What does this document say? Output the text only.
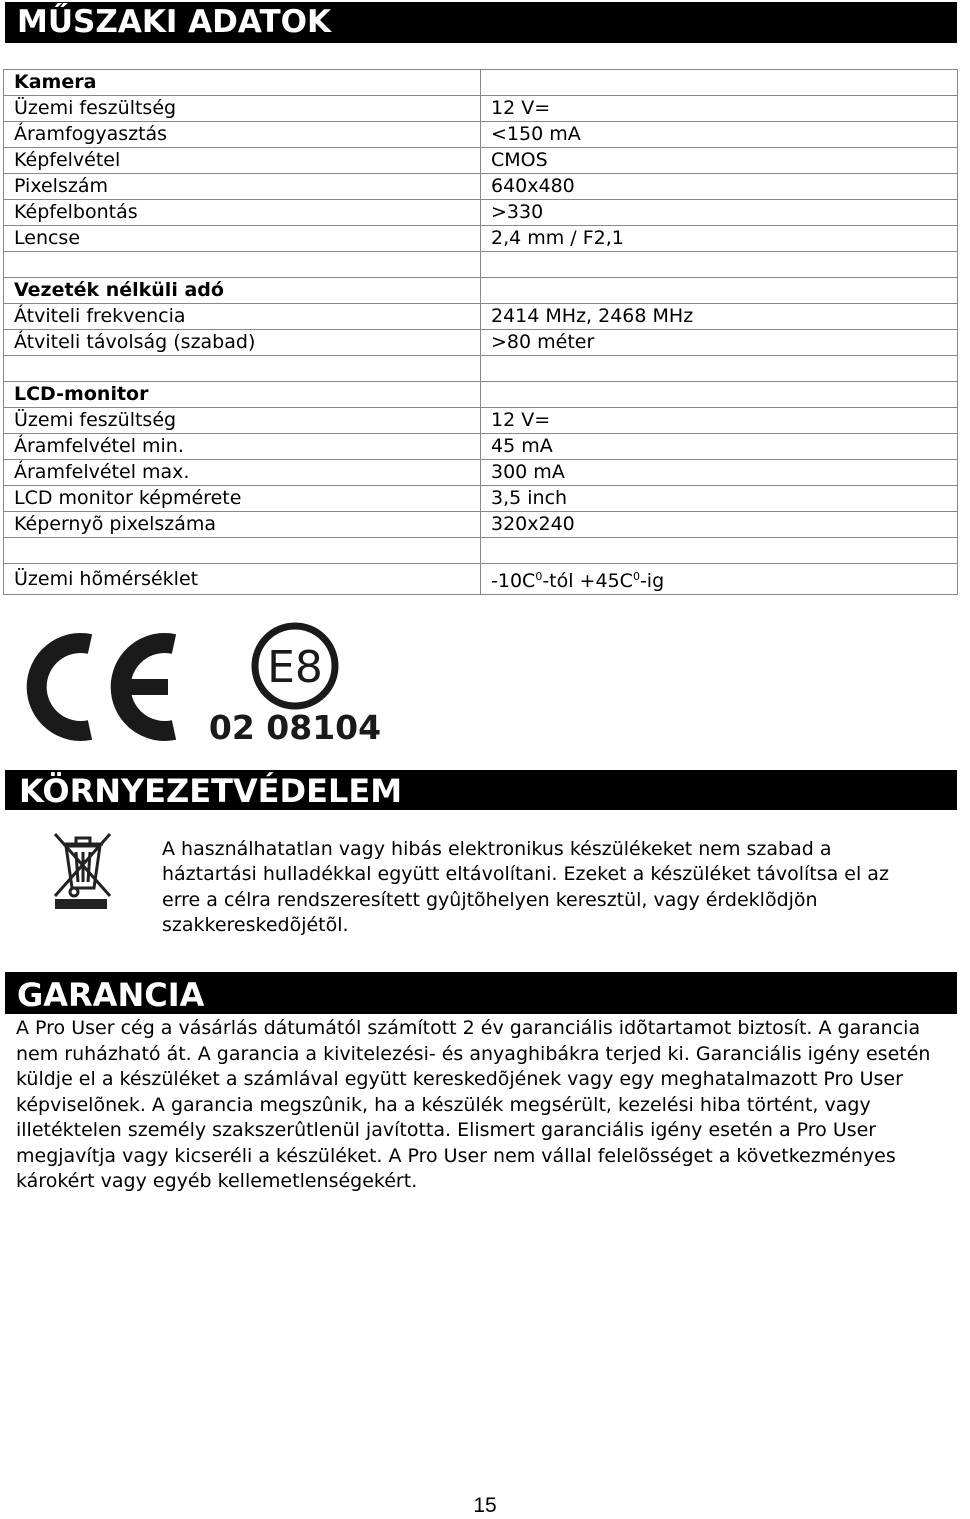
MŰSZAKI ADATOK
Kamera	
Üzemi feszültség	12 V=
Áramfogyasztás	<150 mA
Képfelvétel	CMOS
Pixelszám	640x480
Képfelbontás	>330
Lencse	2,4 mm / F2,1

Vezeték nélküli adó	
Átviteli frekvencia	2414 MHz, 2468 MHz
Átviteli távolság (szabad)	>80 méter

LCD-monitor	
Üzemi feszültség	12 V=
Áramfelvétel min.	45 mA
Áramfelvétel max.	300 mA
LCD monitor képmérete	3,5 inch
Képernyõ pixelszáma	320x240

Üzemi hõmérséklet	$-10C^0$-tól $+45C^0-ig$
E8
02 08104
KÖRNYEZETVÉDELEM

A használhatatlan vagy hibás elektronikus készülékeket nem szabad a háztartási hulladékkal együtt eltávolítani. Ezeket a készüléket távolítsa el az erre a célra rendszeresített gyûjtõhelyen keresztül, vagy érdeklõdjön szakkereskedõjétõl.

GARANCIA

A Pro User cég a vásárlás dátumától számított 2 év garanciális idõtartamot biztosít. A garancia nem ruházható át. A garancia a kivitelezési- és anyaghibákra terjed ki. Garanciális igény esetén küldje el a készüléket a számlával együtt kereskedõjének vagy egy meghatalmazott Pro User képviselõnek. A garancia megszûnik, ha a készülék megsérült, kezelési hiba történt, vagy illetéktelen személy szakszerûtlenül javította. Elismert garanciális igény esetén a Pro User megjavítja vagy kicseréli a készüléket. A Pro User nem vállal felelõsséget a következményes károkért vagy egyéb kellemetlenségekért.

15
